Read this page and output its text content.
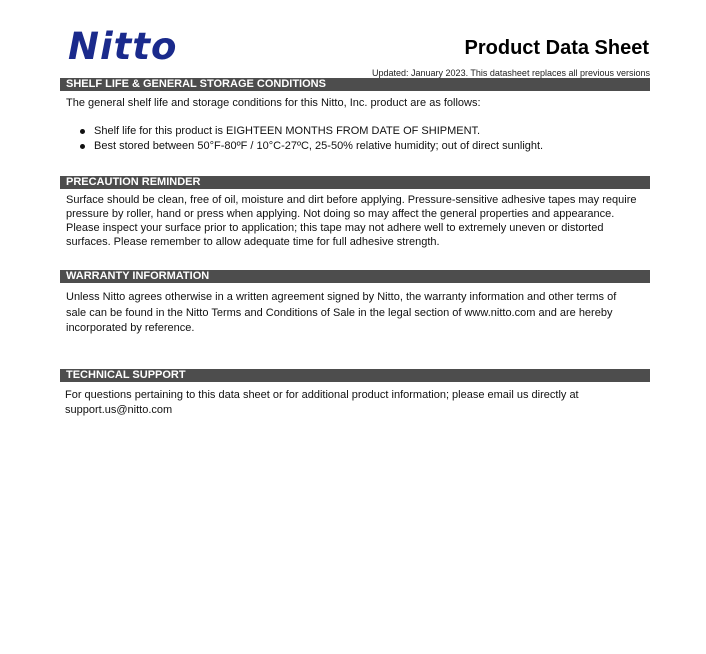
Nitto	Product Data Sheet
Updated: January 2023. This datasheet replaces all previous versions
SHELF LIFE & GENERAL STORAGE CONDITIONS
The general shelf life and storage conditions for this Nitto, Inc. product are as follows:
Shelf life for this product is EIGHTEEN MONTHS FROM DATE OF SHIPMENT.
Best stored between 50°F-80ºF / 10°C-27ºC, 25-50% relative humidity; out of direct sunlight.
PRECAUTION REMINDER
Surface should be clean, free of oil, moisture and dirt before applying. Pressure-sensitive adhesive tapes may require pressure by roller, hand or press when applying. Not doing so may affect the general properties and appearance. Please inspect your surface prior to application; this tape may not adhere well to extremely uneven or distorted surfaces. Please remember to allow adequate time for full adhesive strength.
WARRANTY INFORMATION
Unless Nitto agrees otherwise in a written agreement signed by Nitto, the warranty information and other terms of sale can be found in the Nitto Terms and Conditions of Sale in the legal section of www.nitto.com and are hereby incorporated by reference.
TECHNICAL SUPPORT
For questions pertaining to this data sheet or for additional product information; please email us directly at support.us@nitto.com
